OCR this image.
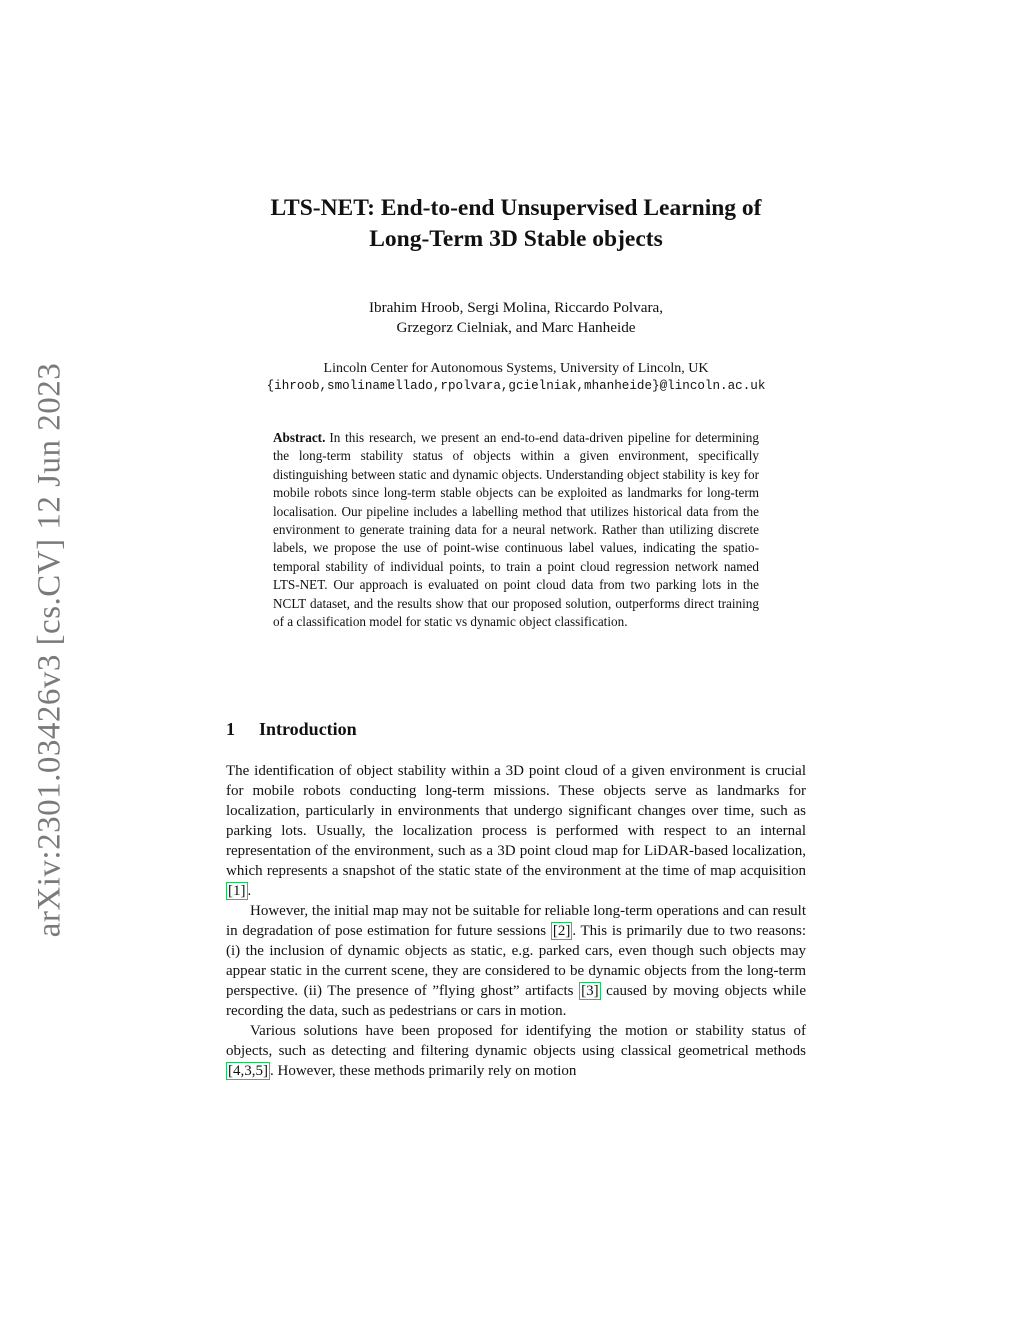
arXiv:2301.03426v3 [cs.CV] 12 Jun 2023
LTS-NET: End-to-end Unsupervised Learning of
Long-Term 3D Stable objects
Ibrahim Hroob, Sergi Molina, Riccardo Polvara,
Grzegorz Cielniak, and Marc Hanheide
Lincoln Center for Autonomous Systems, University of Lincoln, UK
{ihroob,smolinamellado,rpolvara,gcielniak,mhanheide}@lincoln.ac.uk
Abstract. In this research, we present an end-to-end data-driven pipeline for determining the long-term stability status of objects within a given environment, specifically distinguishing between static and dynamic objects. Understanding object stability is key for mobile robots since long-term stable objects can be exploited as landmarks for long-term localisation. Our pipeline includes a labelling method that utilizes historical data from the environment to generate training data for a neural network. Rather than utilizing discrete labels, we propose the use of point-wise continuous label values, indicating the spatio-temporal stability of individual points, to train a point cloud regression network named LTS-NET. Our approach is evaluated on point cloud data from two parking lots in the NCLT dataset, and the results show that our proposed solution, outperforms direct training of a classification model for static vs dynamic object classification.
1 Introduction

The identification of object stability within a 3D point cloud of a given environment is crucial for mobile robots conducting long-term missions. These objects serve as landmarks for localization, particularly in environments that undergo significant changes over time, such as parking lots. Usually, the localization process is performed with respect to an internal representation of the environment, such as a 3D point cloud map for LiDAR-based localization, which represents a snapshot of the static state of the environment at the time of map acquisition [1] .

However, the initial map may not be suitable for reliable long-term operations and can result in degradation of pose estimation for future sessions [2] . This is primarily due to two reasons: (i) the inclusion of dynamic objects as static, e.g. parked cars, even though such objects may appear static in the current scene, they are considered to be dynamic objects from the long-term perspective. (ii) The presence of ”flying ghost” artifacts [3] caused by moving objects while recording the data, such as pedestrians or cars in motion.

Various solutions have been proposed for identifying the motion or stability status of objects, such as detecting and filtering dynamic objects using classical geometrical methods [4,3,5] . However, these methods primarily rely on motion
